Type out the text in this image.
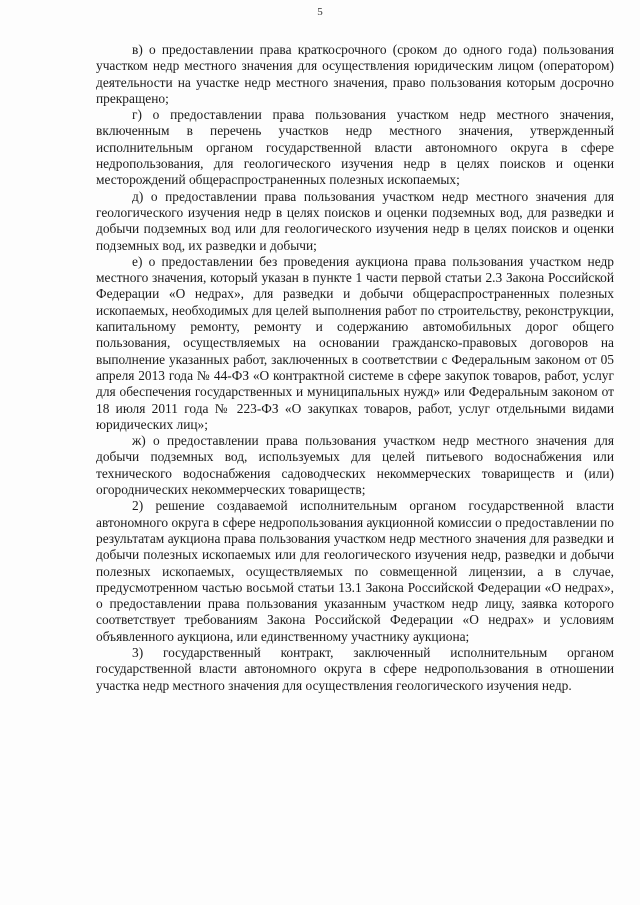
5

в) о предоставлении права краткосрочного (сроком до одного года) пользования участком недр местного значения для осуществления юридическим лицом (оператором) деятельности на участке недр местного значения, право пользования которым досрочно прекращено;

г) о предоставлении права пользования участком недр местного значения, включенным в перечень участков недр местного значения, утвержденный исполнительным органом государственной власти автономного округа в сфере недропользования, для геологического изучения недр в целях поисков и оценки месторождений общераспространенных полезных ископаемых;

д) о предоставлении права пользования участком недр местного значения для геологического изучения недр в целях поисков и оценки подземных вод, для разведки и добычи подземных вод или для геологического изучения недр в целях поисков и оценки подземных вод, их разведки и добычи;

е) о предоставлении без проведения аукциона права пользования участком недр местного значения, который указан в пункте 1 части первой статьи 2.3 Закона Российской Федерации «О недрах», для разведки и добычи общераспространенных полезных ископаемых, необходимых для целей выполнения работ по строительству, реконструкции, капитальному ремонту, ремонту и содержанию автомобильных дорог общего пользования, осуществляемых на основании гражданско-правовых договоров на выполнение указанных работ, заключенных в соответствии с Федеральным законом от 05 апреля 2013 года № 44-ФЗ «О контрактной системе в сфере закупок товаров, работ, услуг для обеспечения государственных и муниципальных нужд» или Федеральным законом от 18 июля 2011 года № 223-ФЗ «О закупках товаров, работ, услуг отдельными видами юридических лиц»;

ж) о предоставлении права пользования участком недр местного значения для добычи подземных вод, используемых для целей питьевого водоснабжения или технического водоснабжения садоводческих некоммерческих товариществ и (или) огороднических некоммерческих товариществ;

2) решение создаваемой исполнительным органом государственной власти автономного округа в сфере недропользования аукционной комиссии о предоставлении по результатам аукциона права пользования участком недр местного значения для разведки и добычи полезных ископаемых или для геологического изучения недр, разведки и добычи полезных ископаемых, осуществляемых по совмещенной лицензии, а в случае, предусмотренном частью восьмой статьи 13.1 Закона Российской Федерации «О недрах», о предоставлении права пользования указанным участком недр лицу, заявка которого соответствует требованиям Закона Российской Федерации «О недрах» и условиям объявленного аукциона, или единственному участнику аукциона;

3) государственный контракт, заключенный исполнительным органом государственной власти автономного округа в сфере недропользования в отношении участка недр местного значения для осуществления геологического изучения недр.
